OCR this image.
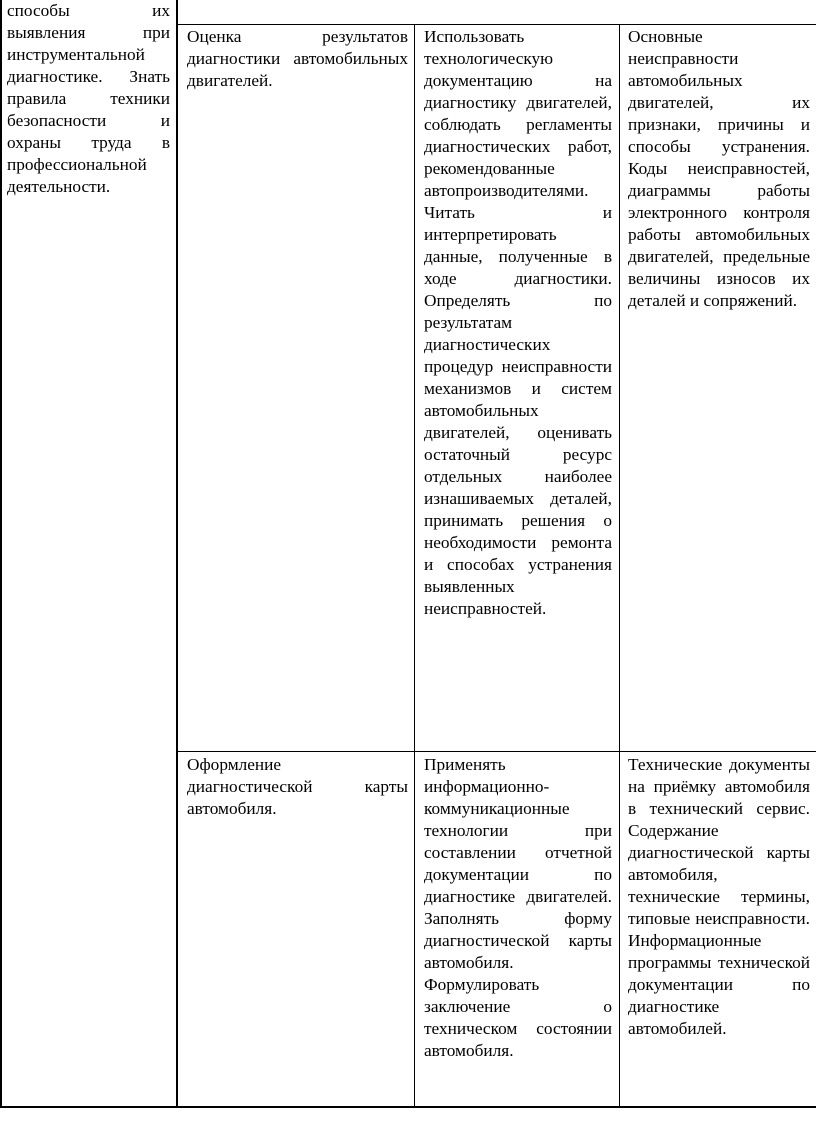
способы их выявления при инструментальной диагностике. Знать правила техники безопасности и охраны труда в профессиональной деятельности.
Оценка результатов диагностики автомобильных двигателей.
Использовать технологическую документацию на диагностику двигателей, соблюдать регламенты диагностических работ, рекомендованные автопроизводителями. Читать и интерпретировать данные, полученные в ходе диагностики. Определять по результатам диагностических процедур неисправности механизмов и систем автомобильных двигателей, оценивать остаточный ресурс отдельных наиболее изнашиваемых деталей, принимать решения о необходимости ремонта и способах устранения выявленных неисправностей.
Основные неисправности автомобильных двигателей, их признаки, причины и способы устранения. Коды неисправностей, диаграммы работы электронного контроля работы автомобильных двигателей, предельные величины износов их деталей и сопряжений.
Оформление диагностической карты автомобиля.
Применять информационно-коммуникационные технологии при составлении отчетной документации по диагностике двигателей. Заполнять форму диагностической карты автомобиля. Формулировать заключение о техническом состоянии автомобиля.
Технические документы на приёмку автомобиля в технический сервис. Содержание диагностической карты автомобиля, технические термины, типовые неисправности. Информационные программы технической документации по диагностике автомобилей.
